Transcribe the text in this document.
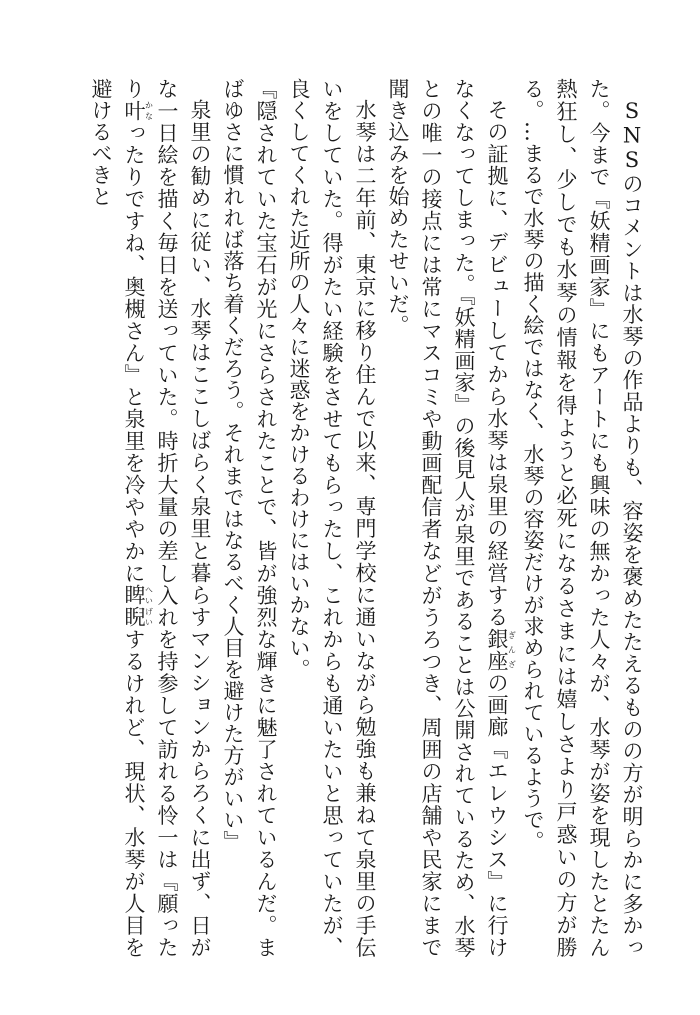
SNSのコメントは水琴の作品よりも、容姿を褒めたたえるものの方が明らかに多かった。今まで『妖精画家』にもアートにも興味の無かった人々が、水琴が姿を現したとたん熱狂し、少しでも水琴の情報を得ようと必死になるさまには嬉しさより戸惑いの方が勝る。…まるで水琴の描く絵ではなく、水琴の容姿だけが求められているようで。

その証拠に、デビューしてから水琴は泉里の経営する銀座ぎんざの画廊『エレウシス』に行けなくなってしまった。『妖精画家』の後見人が泉里であることは公開されているため、水琴との唯一の接点には常にマスコミや動画配信者などがうろつき、周囲の店舗や民家にまで聞き込みを始めたせいだ。

水琴は二年前、東京に移り住んで以来、専門学校に通いながら勉強も兼ねて泉里の手伝いをしていた。得がたい経験をさせてもらったし、これからも通いたいと思っていたが、良くしてくれた近所の人々に迷惑をかけるわけにはいかない。

『隠されていた宝石が光にさらされたことで、皆が強烈な輝きに魅了されているんだ。まばゆさに慣れれば落ち着くだろう。それまではなるべく人目を避けた方がいい』

泉里の勧めに従い、水琴はここしばらく泉里と暮らすマンションからろくに出ず、日がな一日絵を描く毎日を送っていた。時折大量の差し入れを持参して訪れる怜一は『願ったり叶かなったりですね、奥槻さん』と泉里を冷ややかに睥睨へいげいするけれど、現状、水琴が人目を避けるべきと
